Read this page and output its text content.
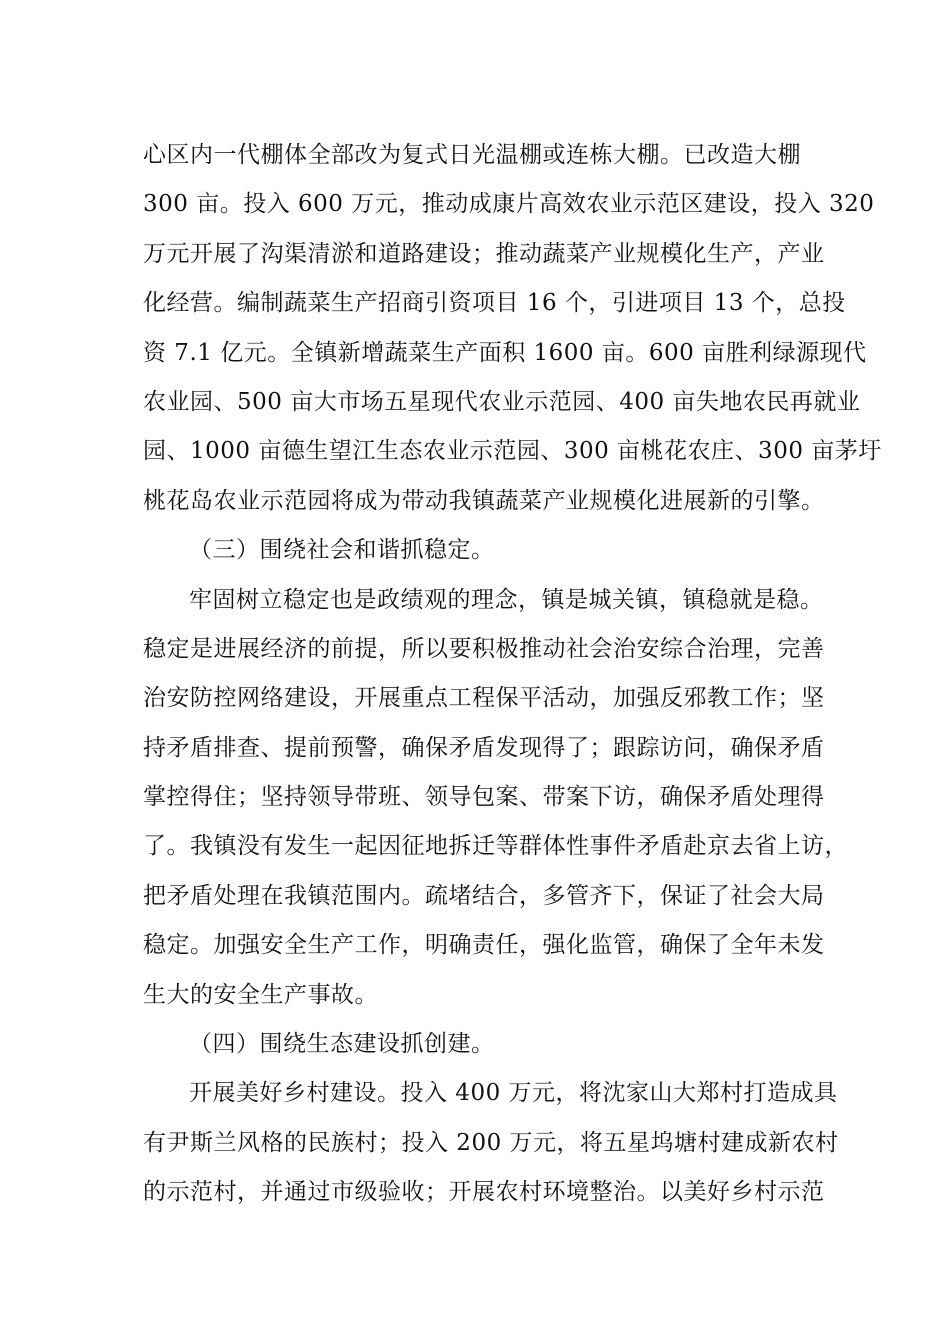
心区内一代棚体全部改为复式日光温棚或连栋大棚。已改造大棚
300 亩。投入 600 万元，推动成康片高效农业示范区建设，投入 320
万元开展了沟渠清淤和道路建设；推动蔬菜产业规模化生产，产业
化经营。编制蔬菜生产招商引资项目 16 个，引进项目 13 个，总投
资 7.1 亿元。全镇新增蔬菜生产面积 1600 亩。600 亩胜利绿源现代
农业园、500 亩大市场五星现代农业示范园、400 亩失地农民再就业
园、1000 亩德生望江生态农业示范园、300 亩桃花农庄、300 亩茅圩
桃花岛农业示范园将成为带动我镇蔬菜产业规模化进展新的引擎。
（三）围绕社会和谐抓稳定。
牢固树立稳定也是政绩观的理念，镇是城关镇，镇稳就是稳。
稳定是进展经济的前提，所以要积极推动社会治安综合治理，完善
治安防控网络建设，开展重点工程保平活动，加强反邪教工作；坚
持矛盾排查、提前预警，确保矛盾发现得了；跟踪访问，确保矛盾
掌控得住；坚持领导带班、领导包案、带案下访，确保矛盾处理得
了。我镇没有发生一起因征地拆迁等群体性事件矛盾赴京去省上访，
把矛盾处理在我镇范围内。疏堵结合，多管齐下，保证了社会大局
稳定。加强安全生产工作，明确责任，强化监管，确保了全年未发
生大的安全生产事故。
（四）围绕生态建设抓创建。
开展美好乡村建设。投入 400 万元，将沈家山大郑村打造成具
有尹斯兰风格的民族村；投入 200 万元，将五星坞塘村建成新农村
的示范村，并通过市级验收；开展农村环境整治。以美好乡村示范
